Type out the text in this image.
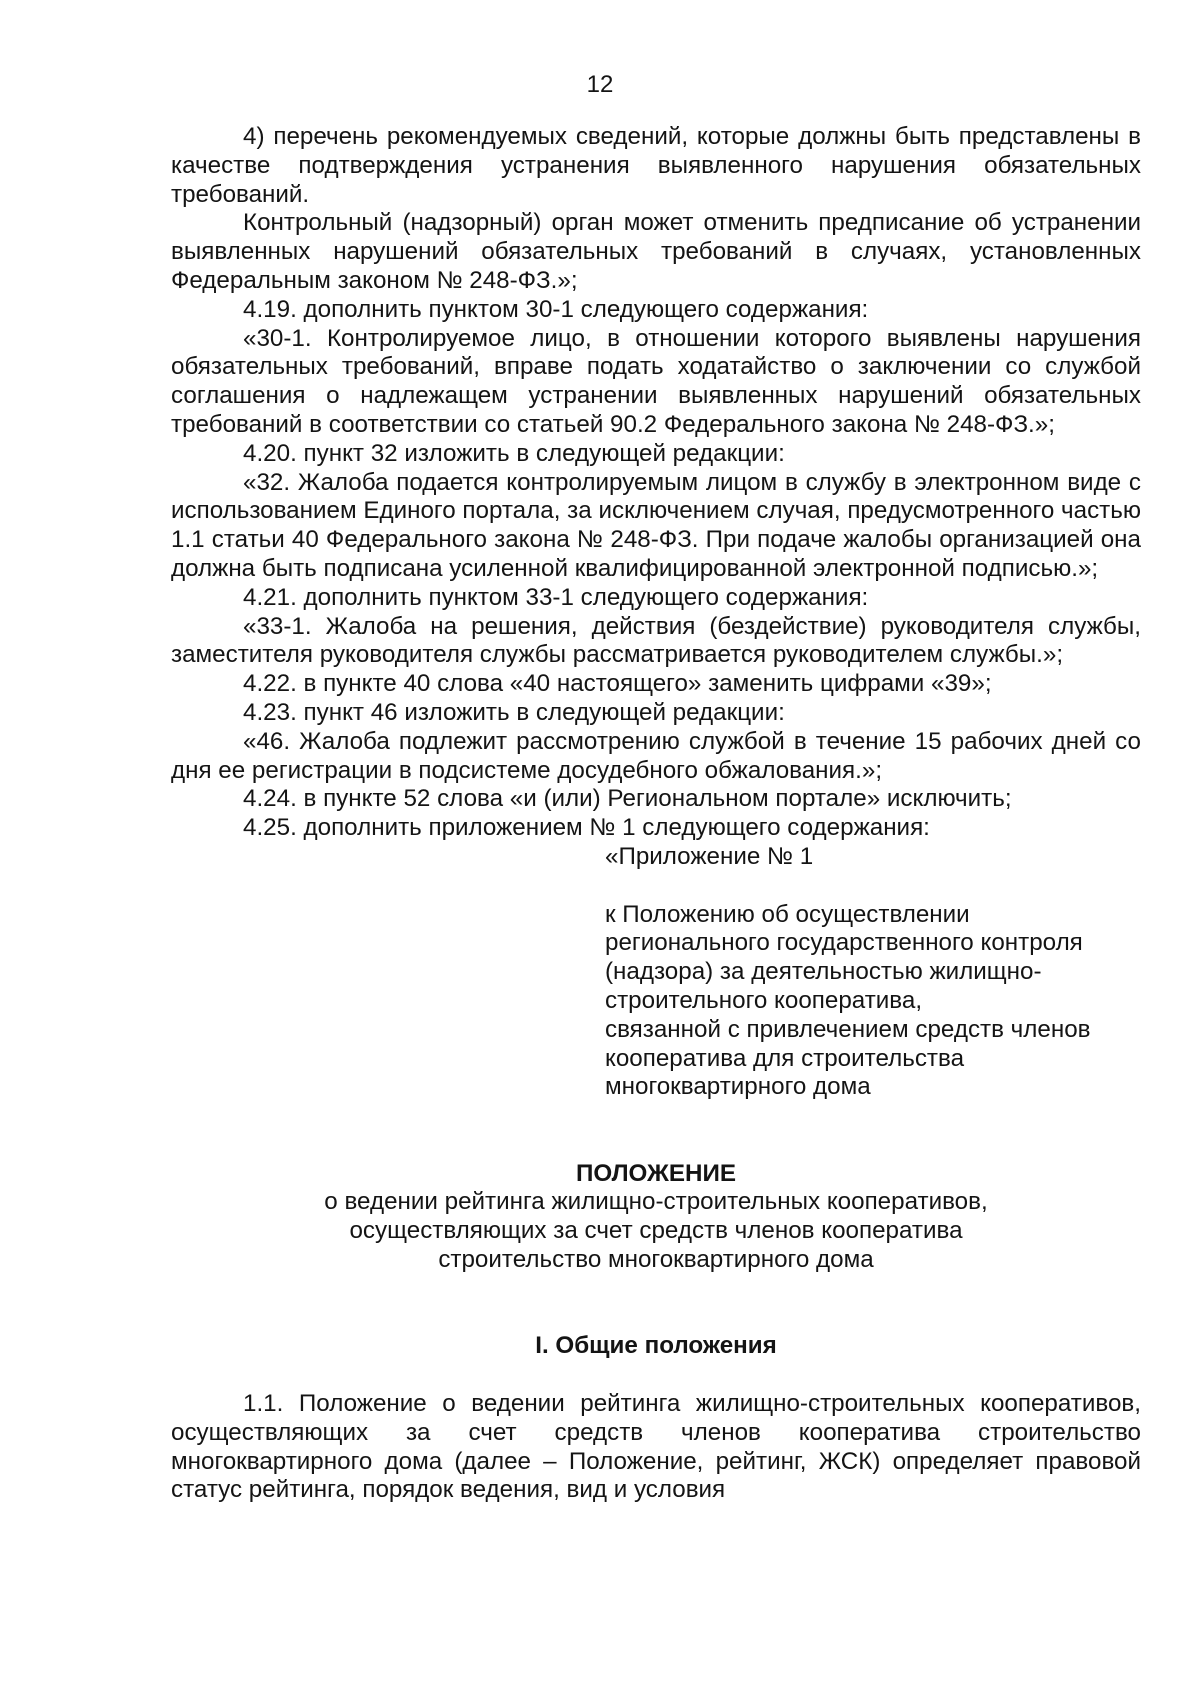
12

4) перечень рекомендуемых сведений, которые должны быть представлены в качестве подтверждения устранения выявленного нарушения обязательных требований.

Контрольный (надзорный) орган может отменить предписание об устранении выявленных нарушений обязательных требований в случаях, установленных Федеральным законом № 248-ФЗ.»;

4.19. дополнить пунктом 30-1 следующего содержания:

«30-1. Контролируемое лицо, в отношении которого выявлены нарушения обязательных требований, вправе подать ходатайство о заключении со службой соглашения о надлежащем устранении выявленных нарушений обязательных требований в соответствии со статьей 90.2 Федерального закона № 248-ФЗ.»;

4.20. пункт 32 изложить в следующей редакции:

«32. Жалоба подается контролируемым лицом в службу в электронном виде с использованием Единого портала, за исключением случая, предусмотренного частью 1.1 статьи 40 Федерального закона № 248-ФЗ. При подаче жалобы организацией она должна быть подписана усиленной квалифицированной электронной подписью.»;

4.21. дополнить пунктом 33-1 следующего содержания:

«33-1. Жалоба на решения, действия (бездействие) руководителя службы, заместителя руководителя службы рассматривается руководителем службы.»;

4.22. в пункте 40 слова «40 настоящего» заменить цифрами «39»;

4.23. пункт 46 изложить в следующей редакции:

«46. Жалоба подлежит рассмотрению службой в течение 15 рабочих дней со дня ее регистрации в подсистеме досудебного обжалования.»;

4.24. в пункте 52 слова «и (или) Региональном портале» исключить;

4.25. дополнить приложением № 1 следующего содержания:

«Приложение № 1

к Положению об осуществлении
регионального государственного контроля
(надзора) за деятельностью жилищно-
строительного кооператива,
связанной с привлечением средств членов
кооператива для строительства
многоквартирного дома
ПОЛОЖЕНИЕ
о ведении рейтинга жилищно-строительных кооперативов,
осуществляющих за счет средств членов кооператива
строительство многоквартирного дома
I. Общие положения

1.1. Положение о ведении рейтинга жилищно-строительных кооперативов, осуществляющих за счет средств членов кооператива строительство многоквартирного дома (далее – Положение, рейтинг, ЖСК) определяет правовой статус рейтинга, порядок ведения, вид и условия
